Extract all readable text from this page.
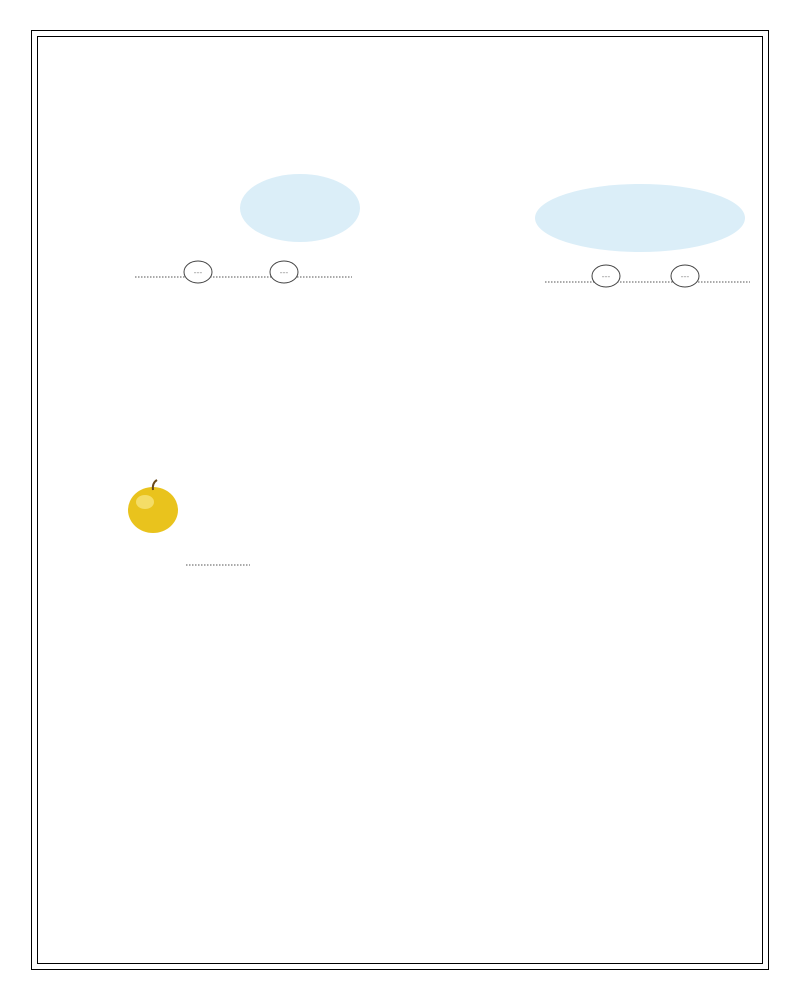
---	---
---	---
